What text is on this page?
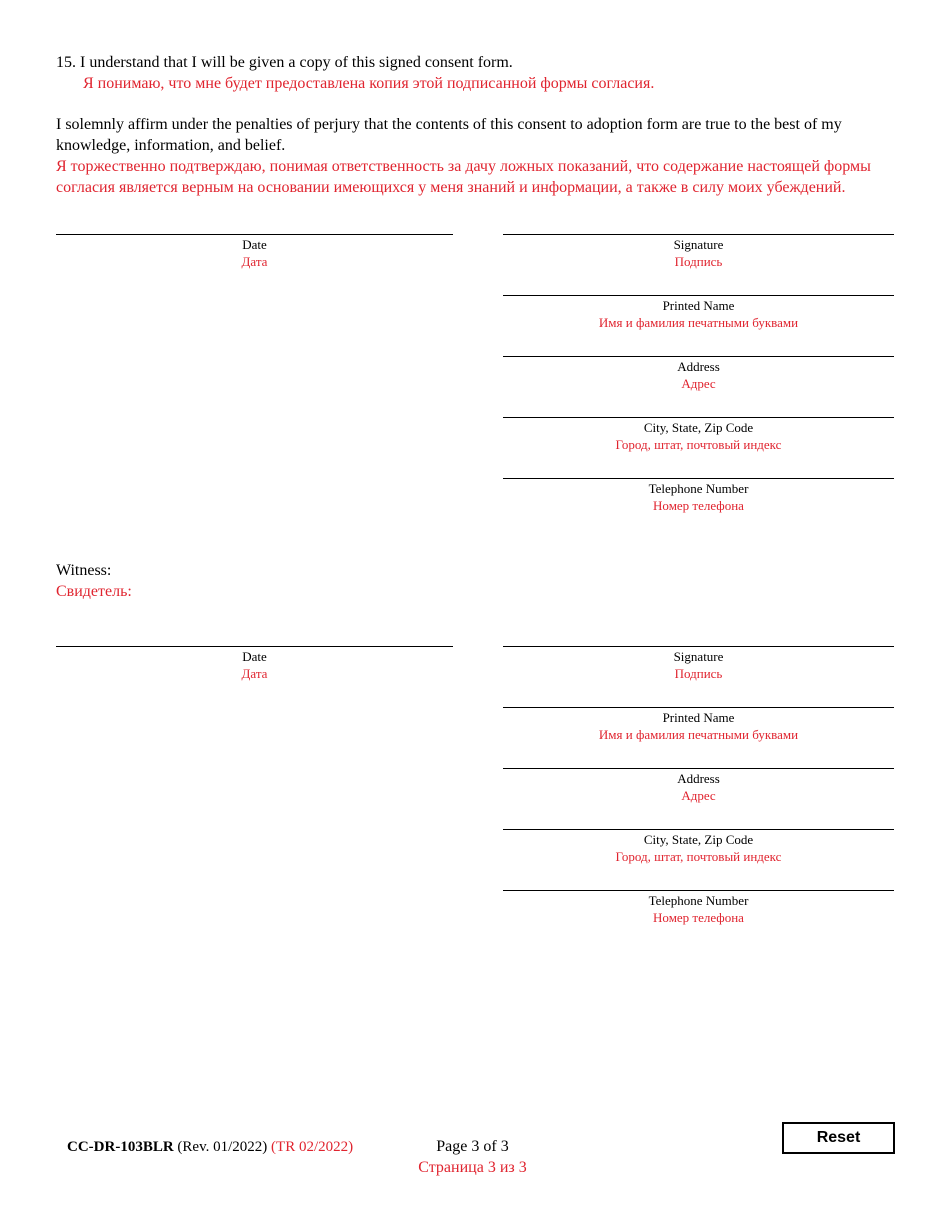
15. I understand that I will be given a copy of this signed consent form.
Я понимаю, что мне будет предоставлена копия этой подписанной формы согласия.
I solemnly affirm under the penalties of perjury that the contents of this consent to adoption form are true to the best of my knowledge, information, and belief.
Я торжественно подтверждаю, понимая ответственность за дачу ложных показаний, что содержание настоящей формы согласия является верным на основании имеющихся у меня знаний и информации, а также в силу моих убеждений.
Date
Дата
Signature
Подпись
Printed Name
Имя и фамилия печатными буквами
Address
Адрес
City, State, Zip Code
Город, штат, почтовый индекс
Telephone Number
Номер телефона
Witness:
Свидетель:
Date
Дата
Signature
Подпись
Printed Name
Имя и фамилия печатными буквами
Address
Адрес
City, State, Zip Code
Город, штат, почтовый индекс
Telephone Number
Номер телефона
CC-DR-103BLR (Rev. 01/2022) (TR 02/2022)	Page 3 of 3
Страница 3 из 3
Reset
